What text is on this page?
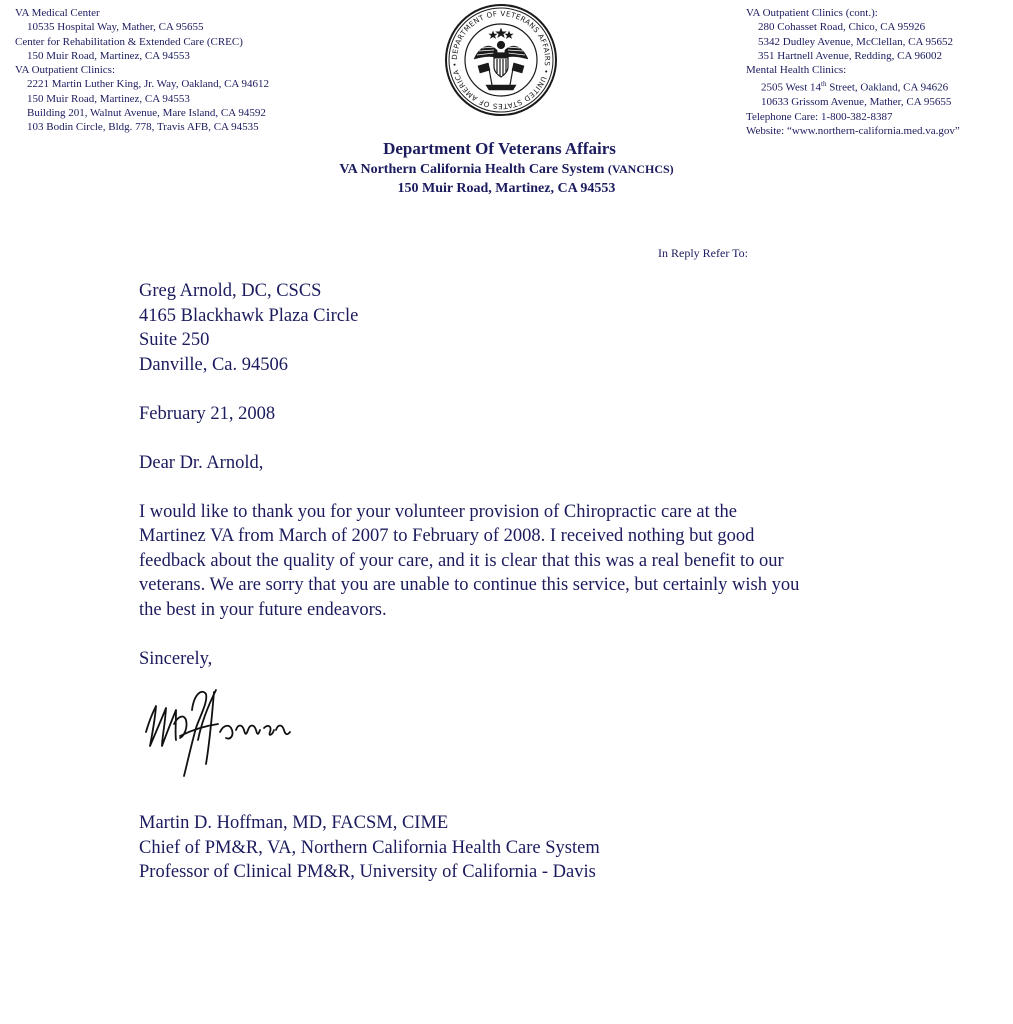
VA Medical Center
10535 Hospital Way, Mather, CA 95655
Center for Rehabilitation & Extended Care (CREC)
150 Muir Road, Martinez, CA 94553
VA Outpatient Clinics:
2221 Martin Luther King, Jr. Way, Oakland, CA 94612
150 Muir Road, Martinez, CA 94553
Building 201, Walnut Avenue, Mare Island, CA 94592
103 Bodin Circle, Bldg. 778, Travis AFB, CA 94535
DEPARTMENT OF VETERANS AFFAIRS • UNITED STATES OF AMERICA •
VA Outpatient Clinics (cont.):
280 Cohasset Road, Chico, CA 95926
5342 Dudley Avenue, McClellan, CA 95652
351 Hartnell Avenue, Redding, CA 96002
Mental Health Clinics:
2505 West 14th Street, Oakland, CA 94626
10633 Grissom Avenue, Mather, CA 95655
Telephone Care: 1-800-382-8387
Website: “www.northern-california.med.va.gov”
Department Of Veterans Affairs
VA Northern California Health Care System (VANCHCS)
150 Muir Road, Martinez, CA 94553
In Reply Refer To:
Greg Arnold, DC, CSCS
4165 Blackhawk Plaza Circle
Suite 250
Danville, Ca. 94506
February 21, 2008
Dear Dr. Arnold,
I would like to thank you for your volunteer provision of Chiropractic care at the
Martinez VA from March of 2007 to February of 2008. I received nothing but good
feedback about the quality of your care, and it is clear that this was a real benefit to our
veterans. We are sorry that you are unable to continue this service, but certainly wish you
the best in your future endeavors.
Sincerely,
Martin D. Hoffman, MD, FACSM, CIME
Chief of PM&R, VA, Northern California Health Care System
Professor of Clinical PM&R, University of California - Davis
